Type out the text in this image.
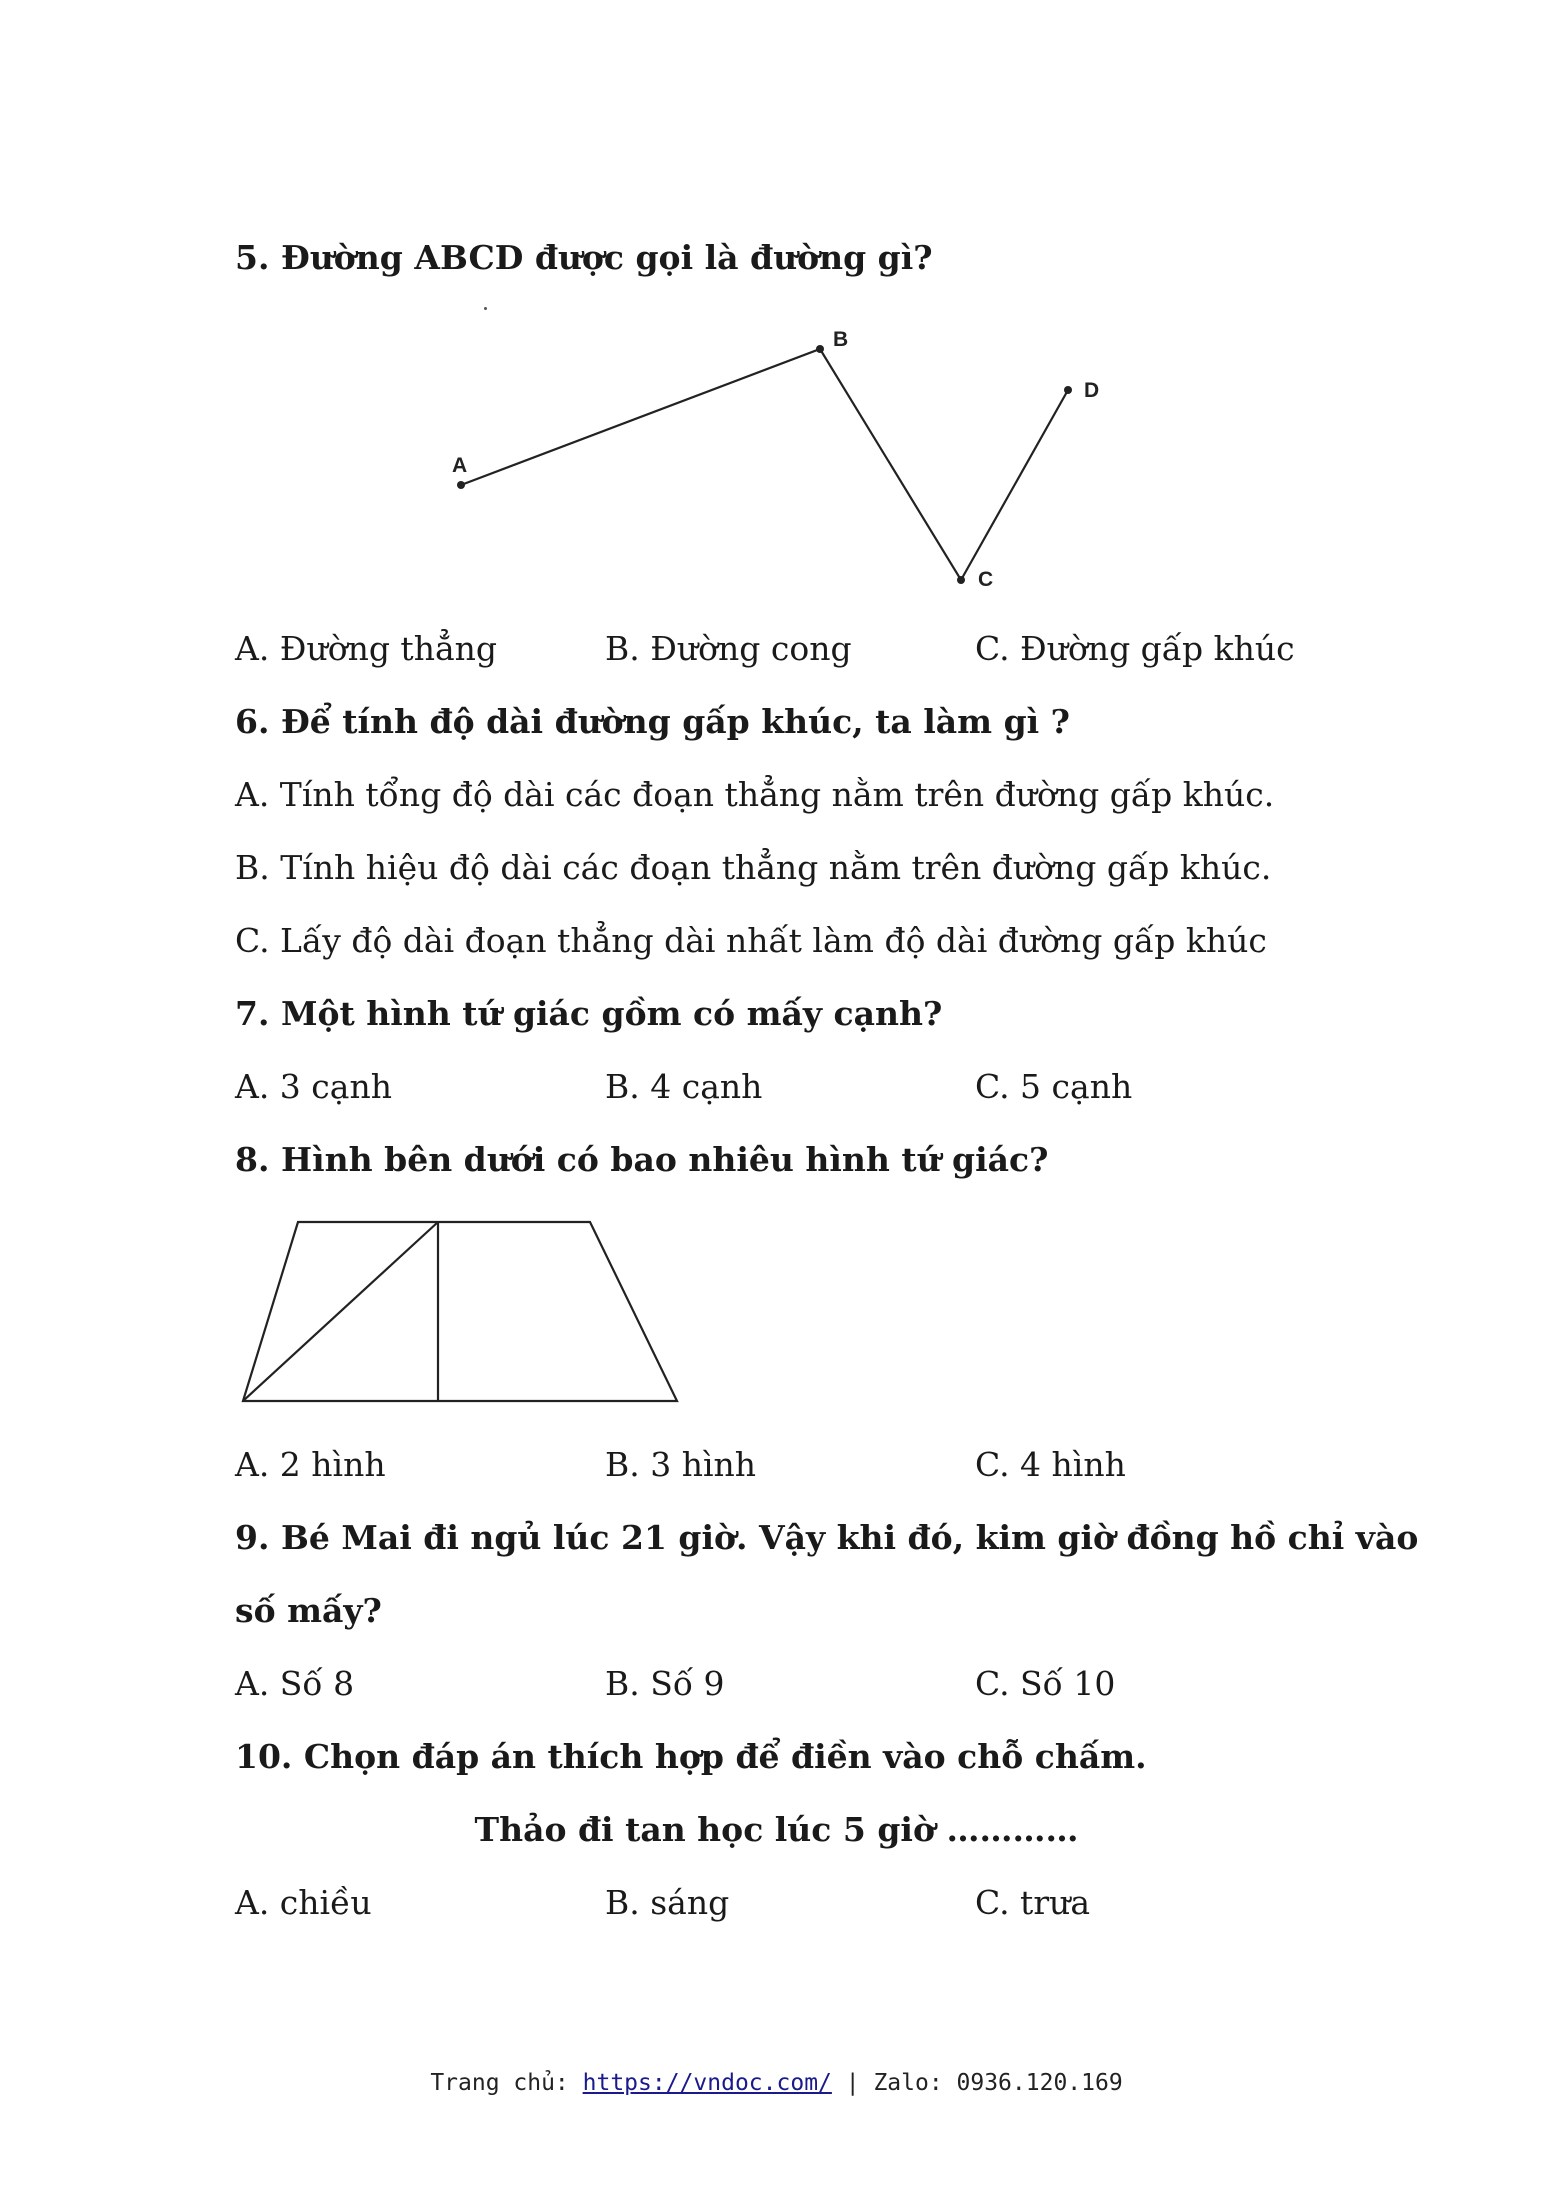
5. Đường ABCD được gọi là đường gì?
A
B
C
D
A. Đường thẳng	B. Đường cong	C. Đường gấp khúc
6. Để tính độ dài đường gấp khúc, ta làm gì ?
A. Tính tổng độ dài các đoạn thẳng nằm trên đường gấp khúc.
B. Tính hiệu độ dài các đoạn thẳng nằm trên đường gấp khúc.
C. Lấy độ dài đoạn thẳng dài nhất làm độ dài đường gấp khúc
7. Một hình tứ giác gồm có mấy cạnh?
A. 3 cạnh	B. 4 cạnh	C. 5 cạnh
8. Hình bên dưới có bao nhiêu hình tứ giác?
A. 2 hình	B. 3 hình	C. 4 hình
9. Bé Mai đi ngủ lúc 21 giờ. Vậy khi đó, kim giờ đồng hồ chỉ vào
số mấy?
A. Số 8	B. Số 9	C. Số 10
10. Chọn đáp án thích hợp để điền vào chỗ chấm.
Thảo đi tan học lúc 5 giờ …………
A. chiều	B. sáng	C. trưa
Trang chủ: https://vndoc.com/ | Zalo: 0936.120.169
